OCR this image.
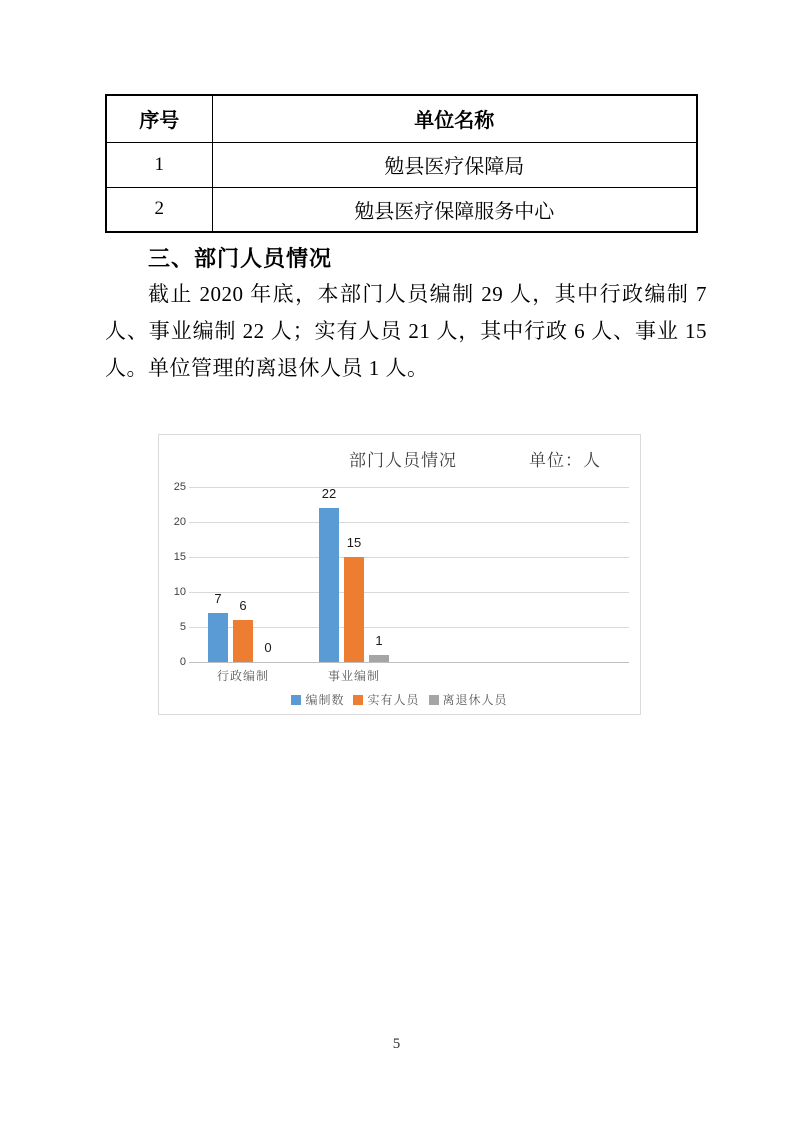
序号	单位名称
1	勉县医疗保障局
2	勉县医疗保障服务中心
三、部门人员情况
截止 2020 年底，本部门人员编制 29 人，其中行政编制 7 人、事业编制 22 人；实有人员 21 人，其中行政 6 人、事业 15 人。单位管理的离退休人员 1 人。
部门人员情况	单位：人
0
5
10
15
20
25
7
22
6
15
0	1
行政编制	事业编制
编制数 实有人员 离退休人员
5
